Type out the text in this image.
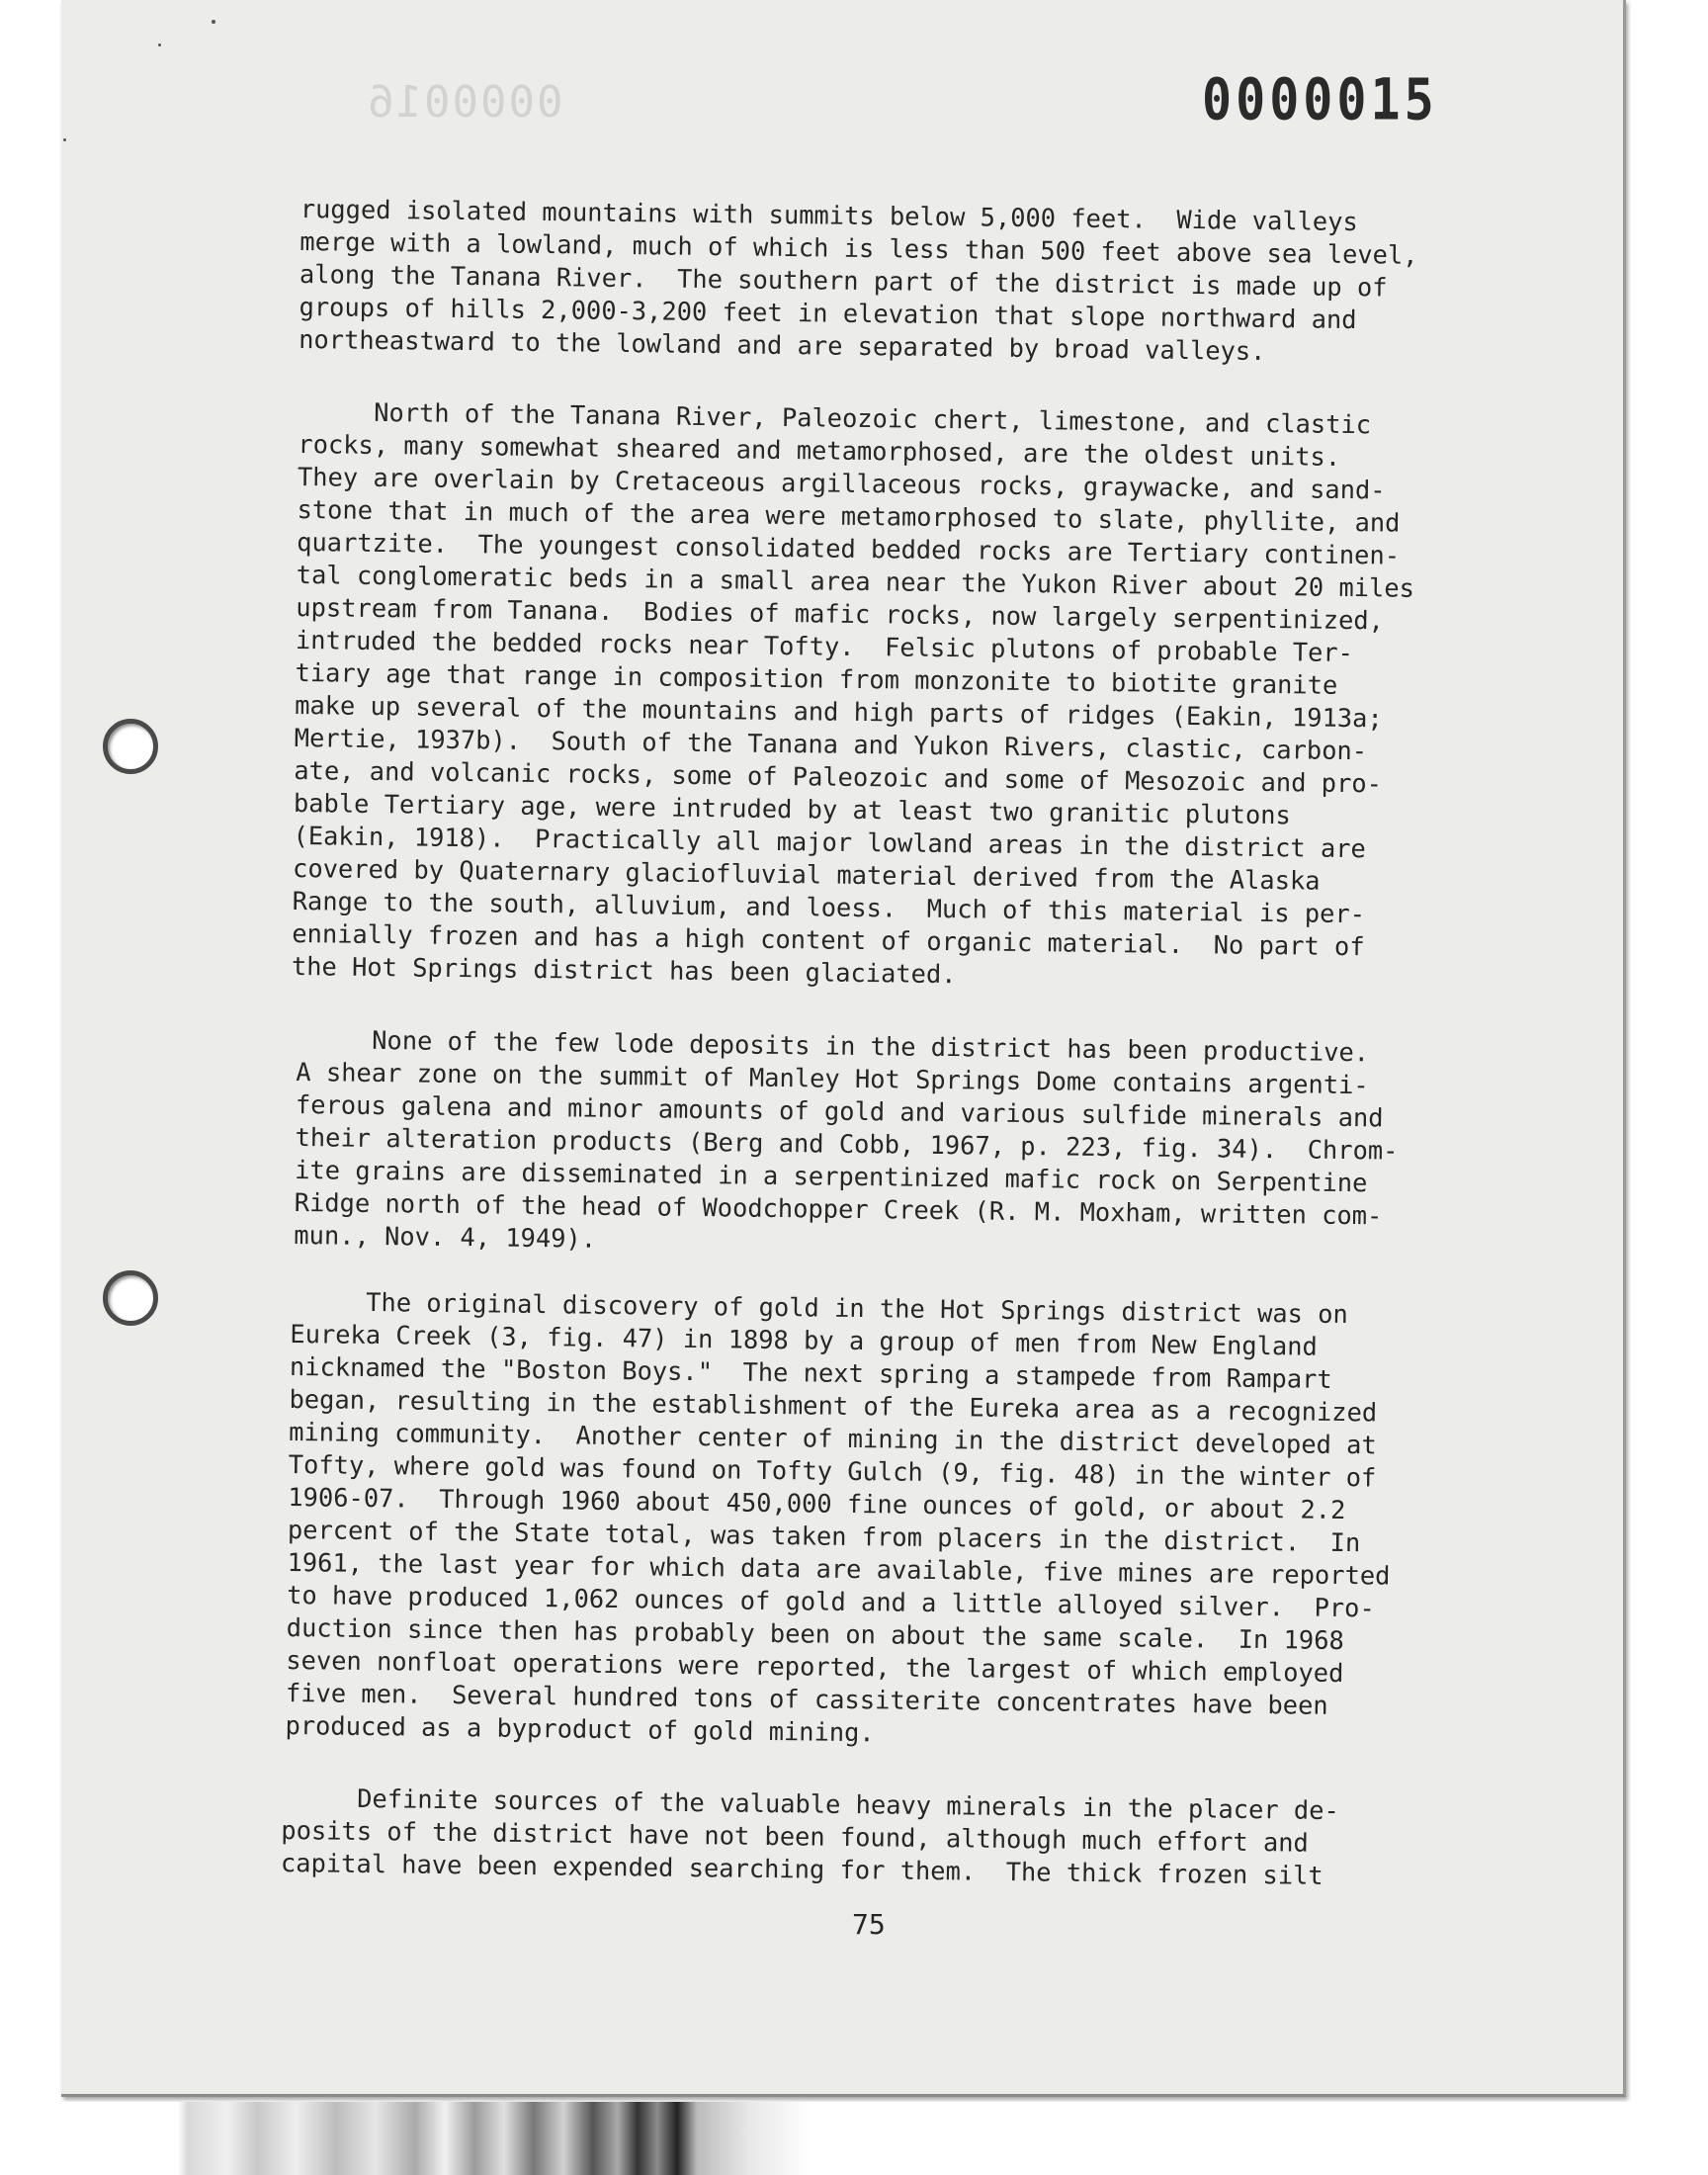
0000016	0000015

rugged isolated mountains with summits below 5,000 feet.  Wide valleys
merge with a lowland, much of which is less than 500 feet above sea level,
along the Tanana River.  The southern part of the district is made up of
groups of hills 2,000-3,200 feet in elevation that slope northward and
northeastward to the lowland and are separated by broad valleys.

North of the Tanana River, Paleozoic chert, limestone, and clastic
rocks, many somewhat sheared and metamorphosed, are the oldest units.
They are overlain by Cretaceous argillaceous rocks, graywacke, and sand-
stone that in much of the area were metamorphosed to slate, phyllite, and
quartzite.  The youngest consolidated bedded rocks are Tertiary continen-
tal conglomeratic beds in a small area near the Yukon River about 20 miles
upstream from Tanana.  Bodies of mafic rocks, now largely serpentinized,
intruded the bedded rocks near Tofty.  Felsic plutons of probable Ter-
tiary age that range in composition from monzonite to biotite granite
make up several of the mountains and high parts of ridges (Eakin, 1913a;
Mertie, 1937b).  South of the Tanana and Yukon Rivers, clastic, carbon-
ate, and volcanic rocks, some of Paleozoic and some of Mesozoic and pro-
bable Tertiary age, were intruded by at least two granitic plutons
(Eakin, 1918).  Practically all major lowland areas in the district are
covered by Quaternary glaciofluvial material derived from the Alaska
Range to the south, alluvium, and loess.  Much of this material is per-
ennially frozen and has a high content of organic material.  No part of
the Hot Springs district has been glaciated.

None of the few lode deposits in the district has been productive.
A shear zone on the summit of Manley Hot Springs Dome contains argenti-
ferous galena and minor amounts of gold and various sulfide minerals and
their alteration products (Berg and Cobb, 1967, p. 223, fig. 34).  Chrom-
ite grains are disseminated in a serpentinized mafic rock on Serpentine
Ridge north of the head of Woodchopper Creek (R. M. Moxham, written com-
mun., Nov. 4, 1949).

The original discovery of gold in the Hot Springs district was on
Eureka Creek (3, fig. 47) in 1898 by a group of men from New England
nicknamed the "Boston Boys."  The next spring a stampede from Rampart
began, resulting in the establishment of the Eureka area as a recognized
mining community.  Another center of mining in the district developed at
Tofty, where gold was found on Tofty Gulch (9, fig. 48) in the winter of
1906-07.  Through 1960 about 450,000 fine ounces of gold, or about 2.2
percent of the State total, was taken from placers in the district.  In
1961, the last year for which data are available, five mines are reported
to have produced 1,062 ounces of gold and a little alloyed silver.  Pro-
duction since then has probably been on about the same scale.  In 1968
seven nonfloat operations were reported, the largest of which employed
five men.  Several hundred tons of cassiterite concentrates have been
produced as a byproduct of gold mining.

Definite sources of the valuable heavy minerals in the placer de-
posits of the district have not been found, although much effort and
capital have been expended searching for them.  The thick frozen silt

75
